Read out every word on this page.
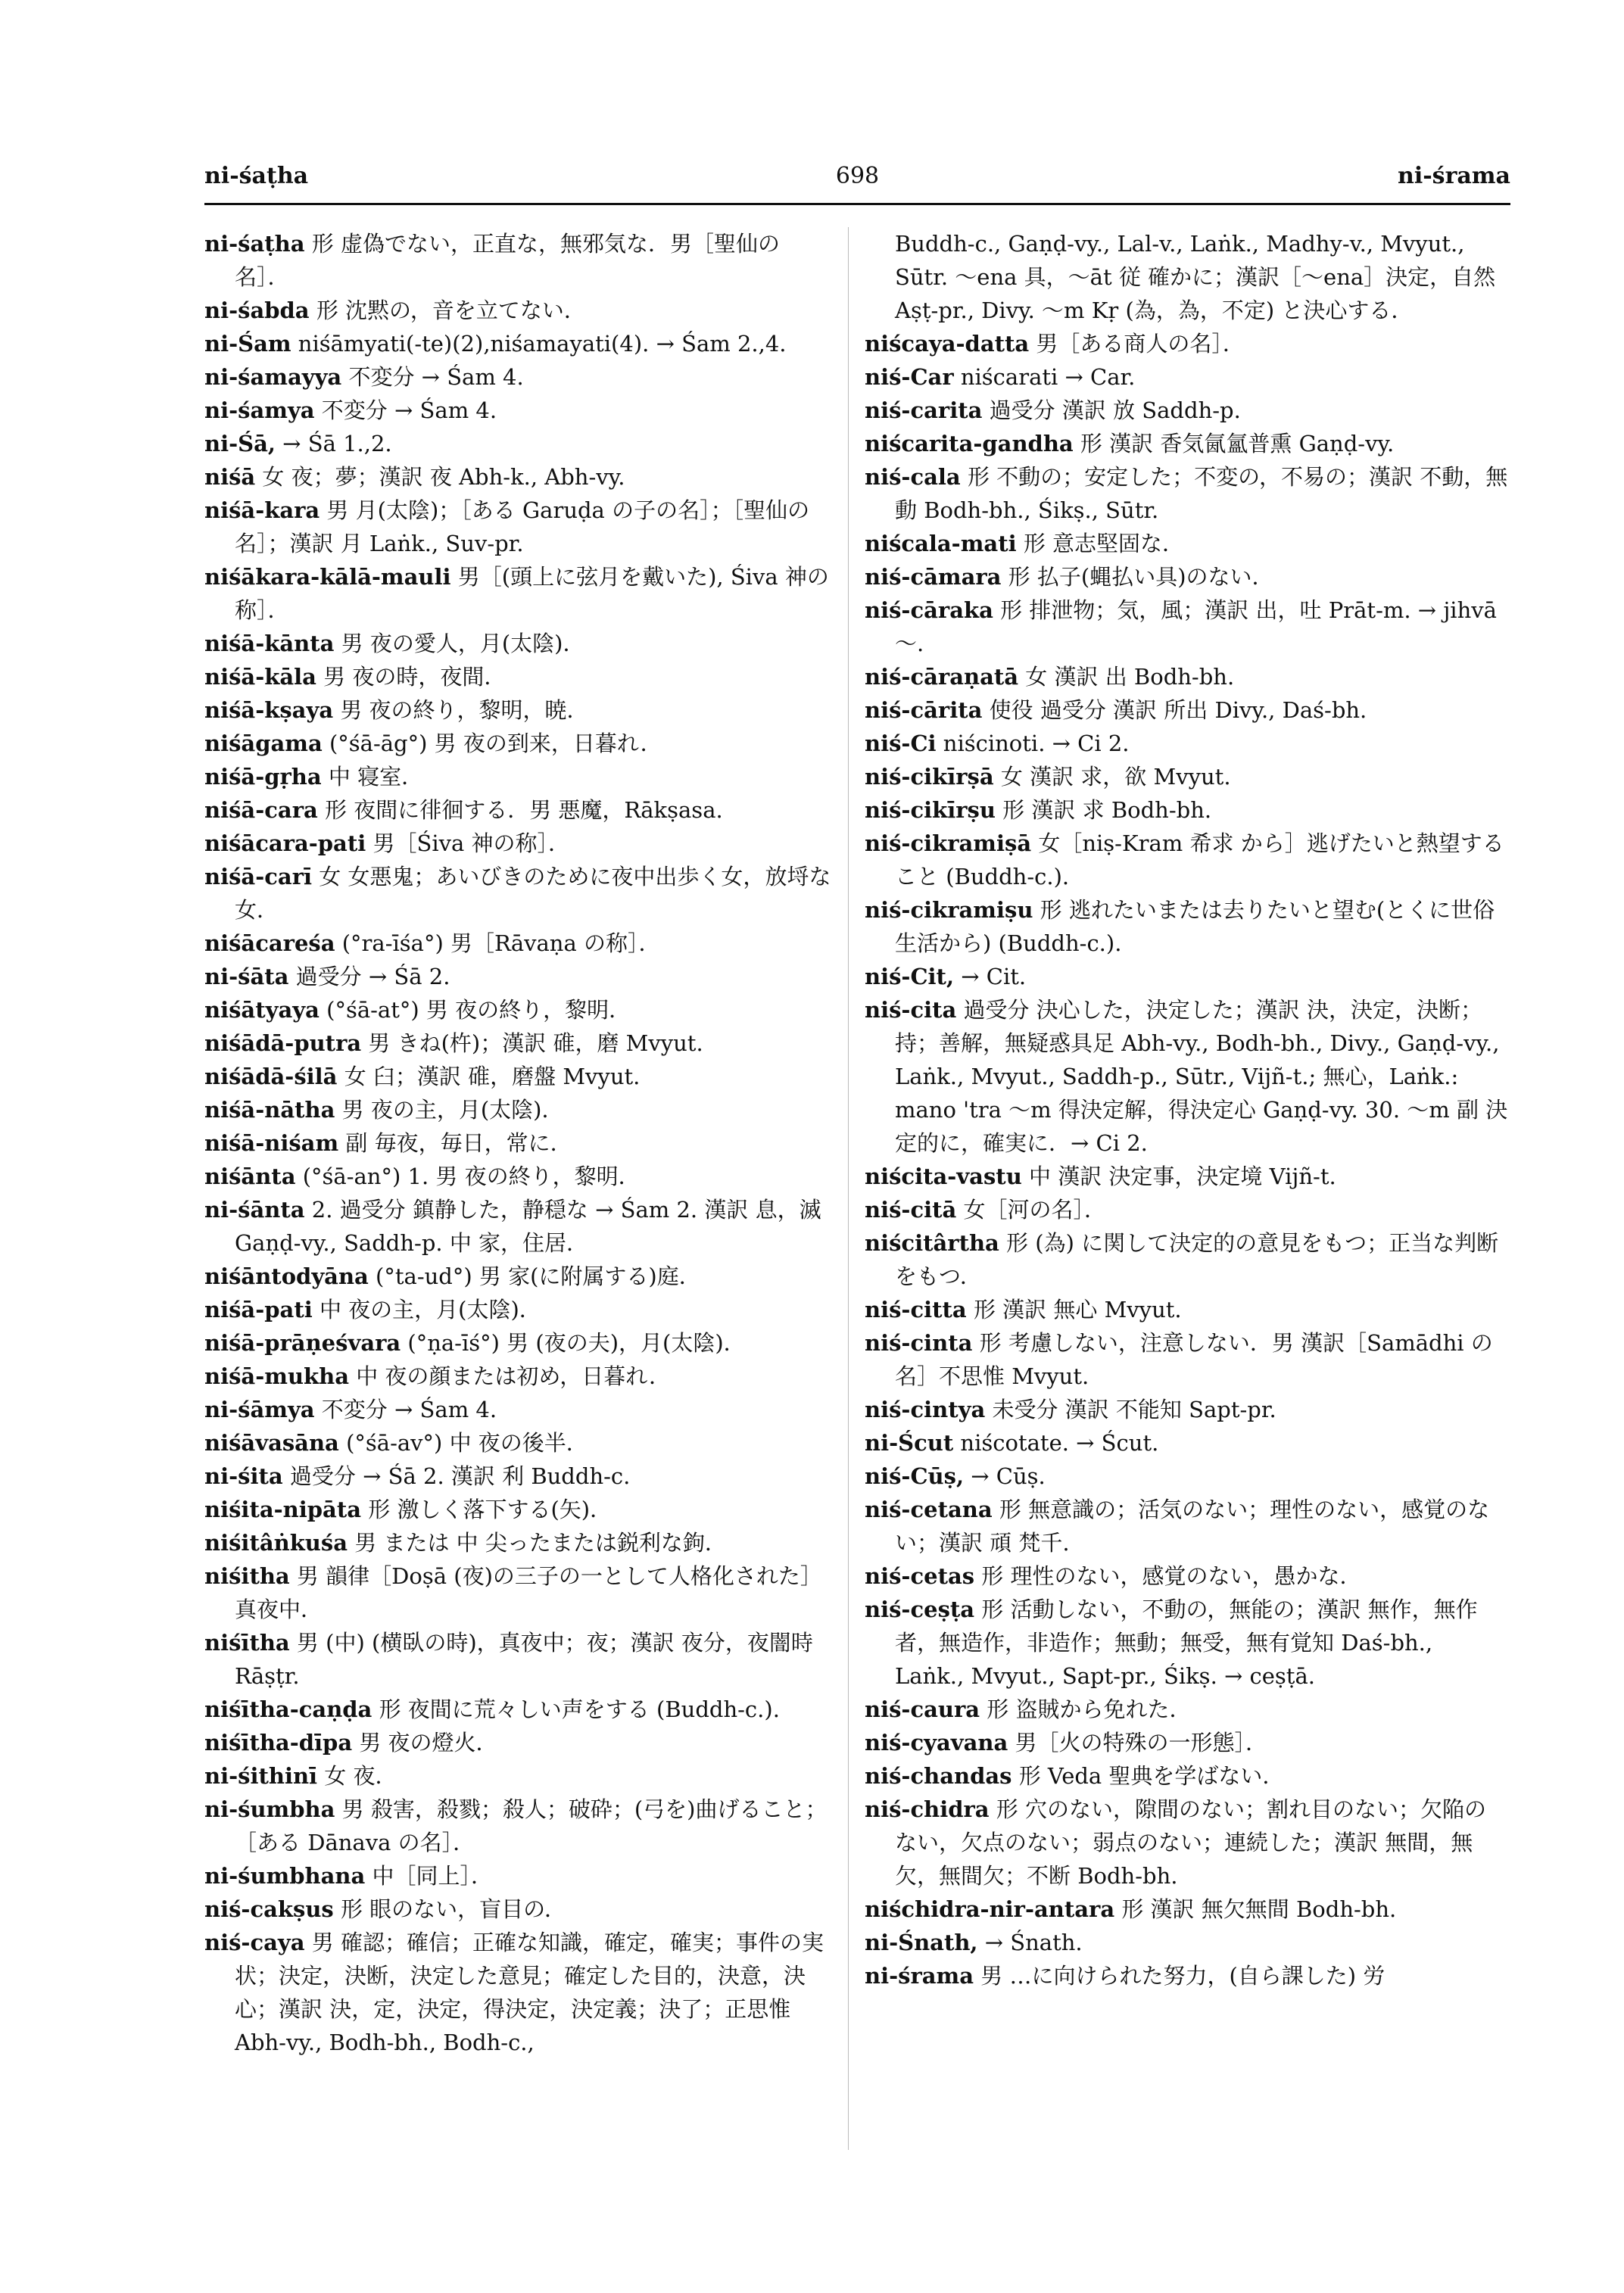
ni-śaṭha	698	ni-śrama

ni-śaṭha 形 虚偽でない，正直な，無邪気な．男［聖仙の名］．

ni-śabda 形 沈黙の，音を立てない．

ni-Śam niśāmyati(-te)(2),niśamayati(4). → Śam 2.,4.

ni-śamayya 不変分 → Śam 4.

ni-śamya 不変分 → Śam 4.

ni-Śā, → Śā 1.,2.

niśā 女 夜；夢；漢訳 夜 Abh-k., Abh-vy.

niśā-kara 男 月(太陰)；［ある Garuḍa の子の名］；［聖仙の名］；漢訳 月 Laṅk., Suv-pr.

niśākara-kālā-mauli 男［(頭上に弦月を戴いた), Śiva 神の称］．

niśā-kānta 男 夜の愛人，月(太陰)．

niśā-kāla 男 夜の時，夜間．

niśā-kṣaya 男 夜の終り，黎明，暁．

niśāgama (°śā-āg°) 男 夜の到来，日暮れ．

niśā-gṛha 中 寝室．

niśā-cara 形 夜間に徘徊する．男 悪魔，Rākṣasa.

niśācara-pati 男［Śiva 神の称］．

niśā-carī 女 女悪鬼；あいびきのために夜中出歩く女，放埒な女．

niśācareśa (°ra-īśa°) 男［Rāvaṇa の称］．

ni-śāta 過受分 → Śā 2.

niśātyaya (°śā-at°) 男 夜の終り，黎明．

niśādā-putra 男 きね(杵)；漢訳 碓，磨 Mvyut.

niśādā-śilā 女 臼；漢訳 碓，磨盤 Mvyut.

niśā-nātha 男 夜の主，月(太陰)．

niśā-niśam 副 毎夜，毎日，常に．

niśānta (°śā-an°) 1. 男 夜の終り，黎明．

ni-śānta 2. 過受分 鎮静した，静穏な → Śam 2. 漢訳 息，滅 Gaṇḍ-vy., Saddh-p. 中 家，住居．

niśāntodyāna (°ta-ud°) 男 家(に附属する)庭．

niśā-pati 中 夜の主，月(太陰)．

niśā-prāṇeśvara (°ṇa-īś°) 男 (夜の夫)，月(太陰)．

niśā-mukha 中 夜の顔または初め，日暮れ．

ni-śāmya 不変分 → Śam 4.

niśāvasāna (°śā-av°) 中 夜の後半．

ni-śita 過受分 → Śā 2. 漢訳 利 Buddh-c.

niśita-nipāta 形 激しく落下する(矢)．

niśitâṅkuśa 男 または 中 尖ったまたは鋭利な鉤．

niśitha 男 韻律［Doṣā (夜)の三子の一として人格化された］真夜中．

niśītha 男 (中) (横臥の時)，真夜中；夜；漢訳 夜分，夜闇時 Rāṣṭr.

niśītha-caṇḍa 形 夜間に荒々しい声をする (Buddh-c.).

niśītha-dīpa 男 夜の燈火．

ni-śithinī 女 夜．

ni-śumbha 男 殺害，殺戮；殺人；破砕；(弓を)曲げること；［ある Dānava の名］．

ni-śumbhana 中［同上］．

niś-cakṣus 形 眼のない，盲目の．

niś-caya 男 確認；確信；正確な知識，確定，確実；事件の実状；決定，決断，決定した意見；確定した目的，決意，決心；漢訳 決，定，決定，得決定，決定義；決了；正思惟 Abh-vy., Bodh-bh., Bodh-c.,

Buddh-c., Gaṇḍ-vy., Lal-v., Laṅk., Madhy-v., Mvyut., Sūtr. ～ena 具，～āt 従 確かに；漢訳［～ena］決定，自然 Aṣṭ-pr., Divy. ～m Kṛ (為，為，不定) と決心する．

niścaya-datta 男［ある商人の名］．

niś-Car niścarati → Car.

niś-carita 過受分 漢訳 放 Saddh-p.

niścarita-gandha 形 漢訳 香気氤氳普熏 Gaṇḍ-vy.

niś-cala 形 不動の；安定した；不変の，不易の；漢訳 不動，無動 Bodh-bh., Śikṣ., Sūtr.

niścala-mati 形 意志堅固な．

niś-cāmara 形 払子(蝿払い具)のない．

niś-cāraka 形 排泄物；気，風；漢訳 出，吐 Prāt-m. → jihvā～.

niś-cāraṇatā 女 漢訳 出 Bodh-bh.

niś-cārita 使役 過受分 漢訳 所出 Divy., Daś-bh.

niś-Ci niścinoti. → Ci 2.

niś-cikīrṣā 女 漢訳 求，欲 Mvyut.

niś-cikīrṣu 形 漢訳 求 Bodh-bh.

niś-cikramiṣā 女［niṣ-Kram 希求 から］逃げたいと熱望すること (Buddh-c.).

niś-cikramiṣu 形 逃れたいまたは去りたいと望む(とくに世俗生活から) (Buddh-c.).

niś-Cit, → Cit.

niś-cita 過受分 決心した，決定した；漢訳 決，決定，決断；持；善解，無疑惑具足 Abh-vy., Bodh-bh., Divy., Gaṇḍ-vy., Laṅk., Mvyut., Saddh-p., Sūtr., Vijñ-t.; 無心，Laṅk.: mano 'tra ～m 得決定解，得決定心 Gaṇḍ-vy. 30. ～m 副 決定的に，確実に．→ Ci 2.

niścita-vastu 中 漢訳 決定事，決定境 Vijñ-t.

niś-citā 女［河の名］．

niścitârtha 形 (為) に関して決定的の意見をもつ；正当な判断をもつ．

niś-citta 形 漢訳 無心 Mvyut.

niś-cinta 形 考慮しない，注意しない．男 漢訳［Samādhi の名］不思惟 Mvyut.

niś-cintya 未受分 漢訳 不能知 Sapt-pr.

ni-Ścut niścotate. → Ścut.

niś-Cūṣ, → Cūṣ.

niś-cetana 形 無意識の；活気のない；理性のない，感覚のない；漢訳 頑 梵千.

niś-cetas 形 理性のない，感覚のない，愚かな．

niś-ceṣṭa 形 活動しない，不動の，無能の；漢訳 無作，無作者，無造作，非造作；無動；無受，無有覚知 Daś-bh., Laṅk., Mvyut., Sapt-pr., Śikṣ. → ceṣṭā.

niś-caura 形 盗賊から免れた．

niś-cyavana 男［火の特殊の一形態］．

niś-chandas 形 Veda 聖典を学ばない．

niś-chidra 形 穴のない，隙間のない；割れ目のない；欠陥のない，欠点のない；弱点のない；連続した；漢訳 無間，無欠，無間欠；不断 Bodh-bh.

niśchidra-nir-antara 形 漢訳 無欠無間 Bodh-bh.

ni-Śnath, → Śnath.

ni-śrama 男 …に向けられた努力，(自ら課した) 労
